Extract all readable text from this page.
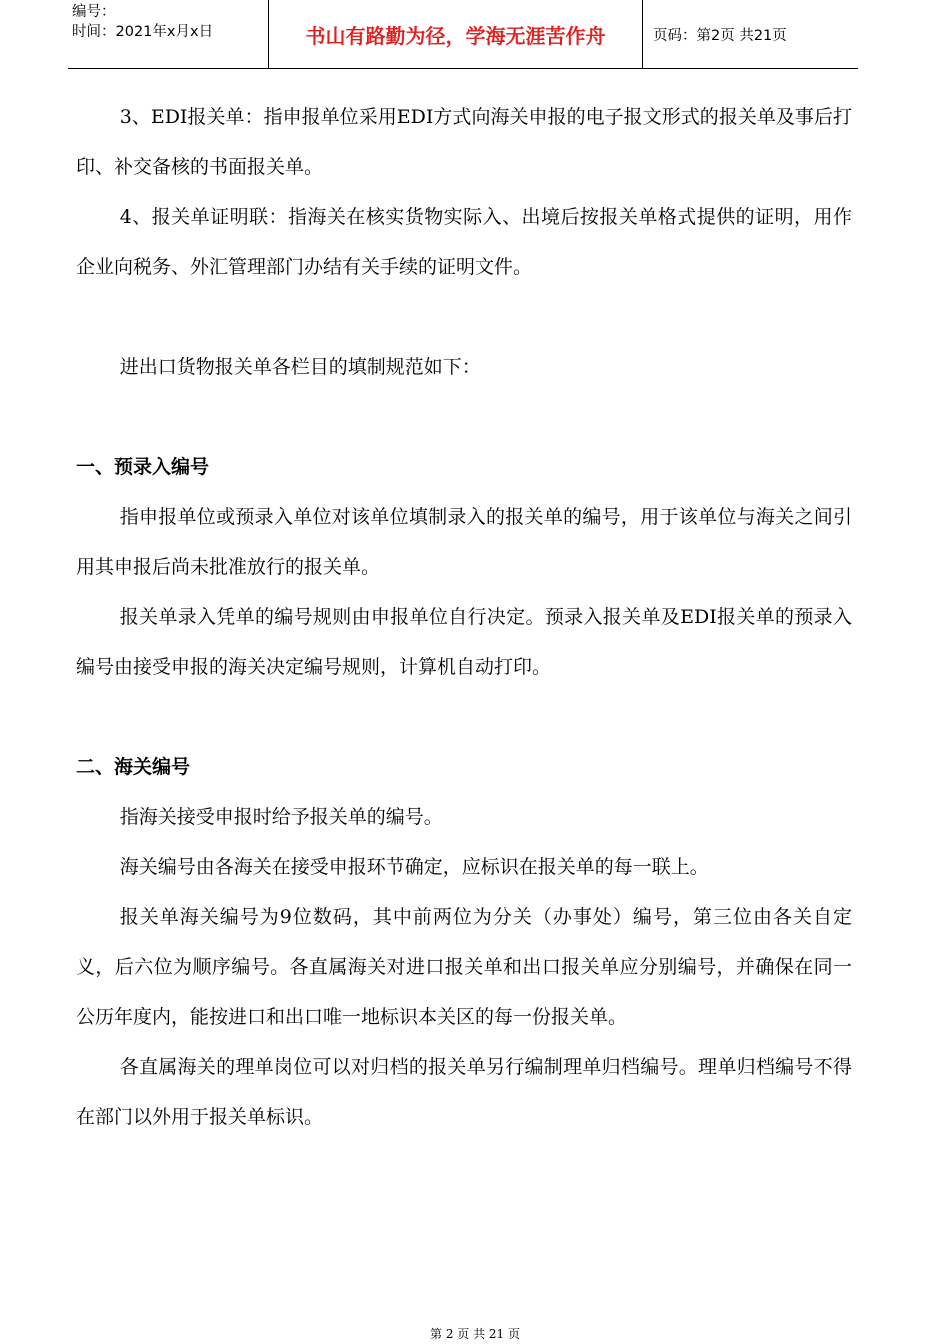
编号：
时间：2021年x月x日	书山有路勤为径，学海无涯苦作舟	页码：第2页 共21页

3、EDI报关单：指申报单位采用EDI方式向海关申报的电子报文形式的报关单及事后打印、补交备核的书面报关单。

4、报关单证明联：指海关在核实货物实际入、出境后按报关单格式提供的证明，用作企业向税务、外汇管理部门办结有关手续的证明文件。

进出口货物报关单各栏目的填制规范如下：

一、预录入编号

指申报单位或预录入单位对该单位填制录入的报关单的编号，用于该单位与海关之间引用其申报后尚未批准放行的报关单。

报关单录入凭单的编号规则由申报单位自行决定。预录入报关单及EDI报关单的预录入编号由接受申报的海关决定编号规则，计算机自动打印。

二、海关编号

指海关接受申报时给予报关单的编号。

海关编号由各海关在接受申报环节确定，应标识在报关单的每一联上。

报关单海关编号为9位数码，其中前两位为分关（办事处）编号，第三位由各关自定义，后六位为顺序编号。各直属海关对进口报关单和出口报关单应分别编号，并确保在同一公历年度内，能按进口和出口唯一地标识本关区的每一份报关单。

各直属海关的理单岗位可以对归档的报关单另行编制理单归档编号。理单归档编号不得在部门以外用于报关单标识。

第 2 页 共 21 页
